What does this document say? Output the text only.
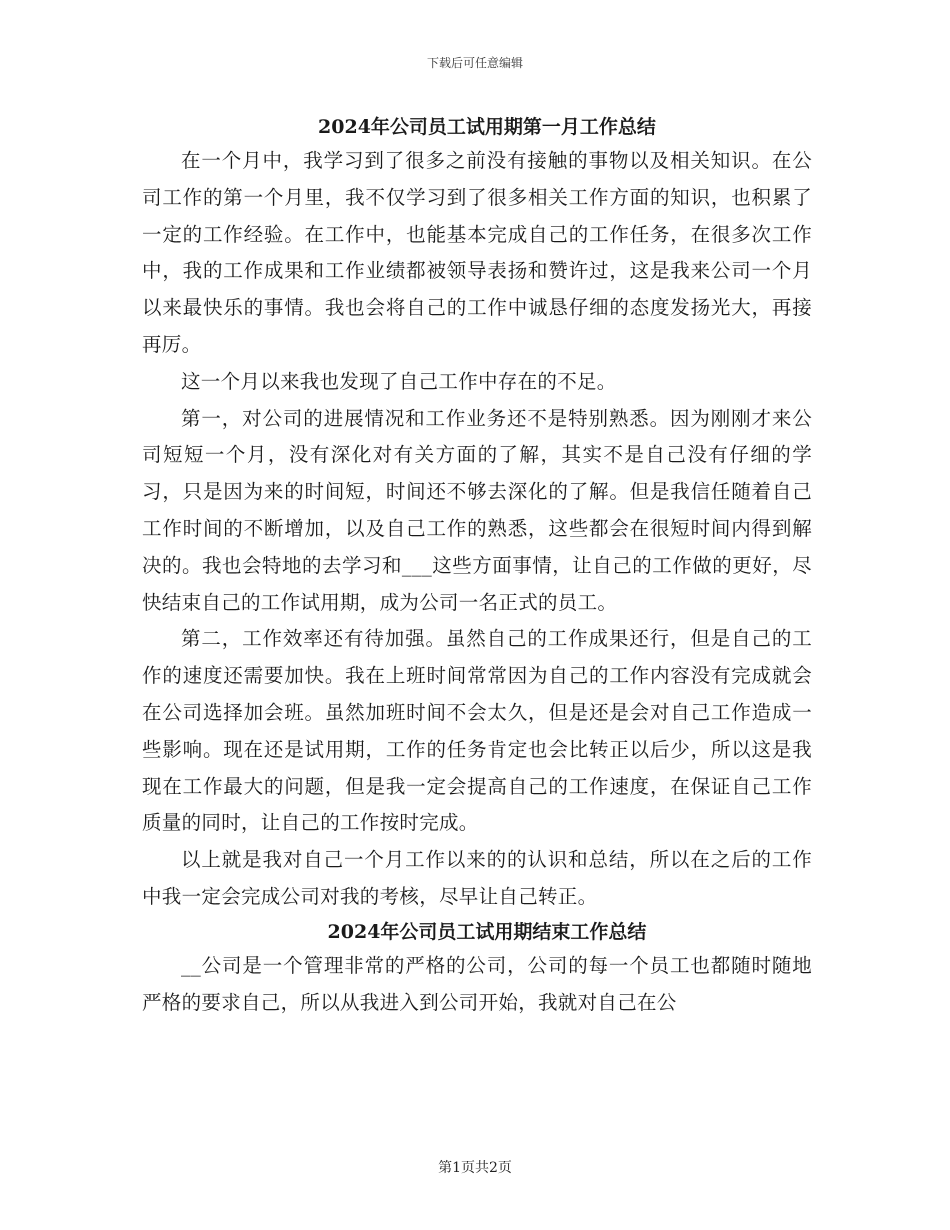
下载后可任意编辑
2024年公司员工试用期第一月工作总结

在一个月中，我学习到了很多之前没有接触的事物以及相关知识。在公司工作的第一个月里，我不仅学习到了很多相关工作方面的知识，也积累了一定的工作经验。在工作中，也能基本完成自己的工作任务，在很多次工作中，我的工作成果和工作业绩都被领导表扬和赞许过，这是我来公司一个月以来最快乐的事情。我也会将自己的工作中诚恳仔细的态度发扬光大，再接再厉。

这一个月以来我也发现了自己工作中存在的不足。

第一，对公司的进展情况和工作业务还不是特别熟悉。因为刚刚才来公司短短一个月，没有深化对有关方面的了解，其实不是自己没有仔细的学习，只是因为来的时间短，时间还不够去深化的了解。但是我信任随着自己工作时间的不断增加，以及自己工作的熟悉，这些都会在很短时间内得到解决的。我也会特地的去学习和___这些方面事情，让自己的工作做的更好，尽快结束自己的工作试用期，成为公司一名正式的员工。

第二，工作效率还有待加强。虽然自己的工作成果还行，但是自己的工作的速度还需要加快。我在上班时间常常因为自己的工作内容没有完成就会在公司选择加会班。虽然加班时间不会太久，但是还是会对自己工作造成一些影响。现在还是试用期，工作的任务肯定也会比转正以后少，所以这是我现在工作最大的问题，但是我一定会提高自己的工作速度，在保证自己工作质量的同时，让自己的工作按时完成。

以上就是我对自己一个月工作以来的的认识和总结，所以在之后的工作中我一定会完成公司对我的考核，尽早让自己转正。

2024年公司员工试用期结束工作总结

__公司是一个管理非常的严格的公司，公司的每一个员工也都随时随地严格的要求自己，所以从我进入到公司开始，我就对自己在公

第1页共2页
